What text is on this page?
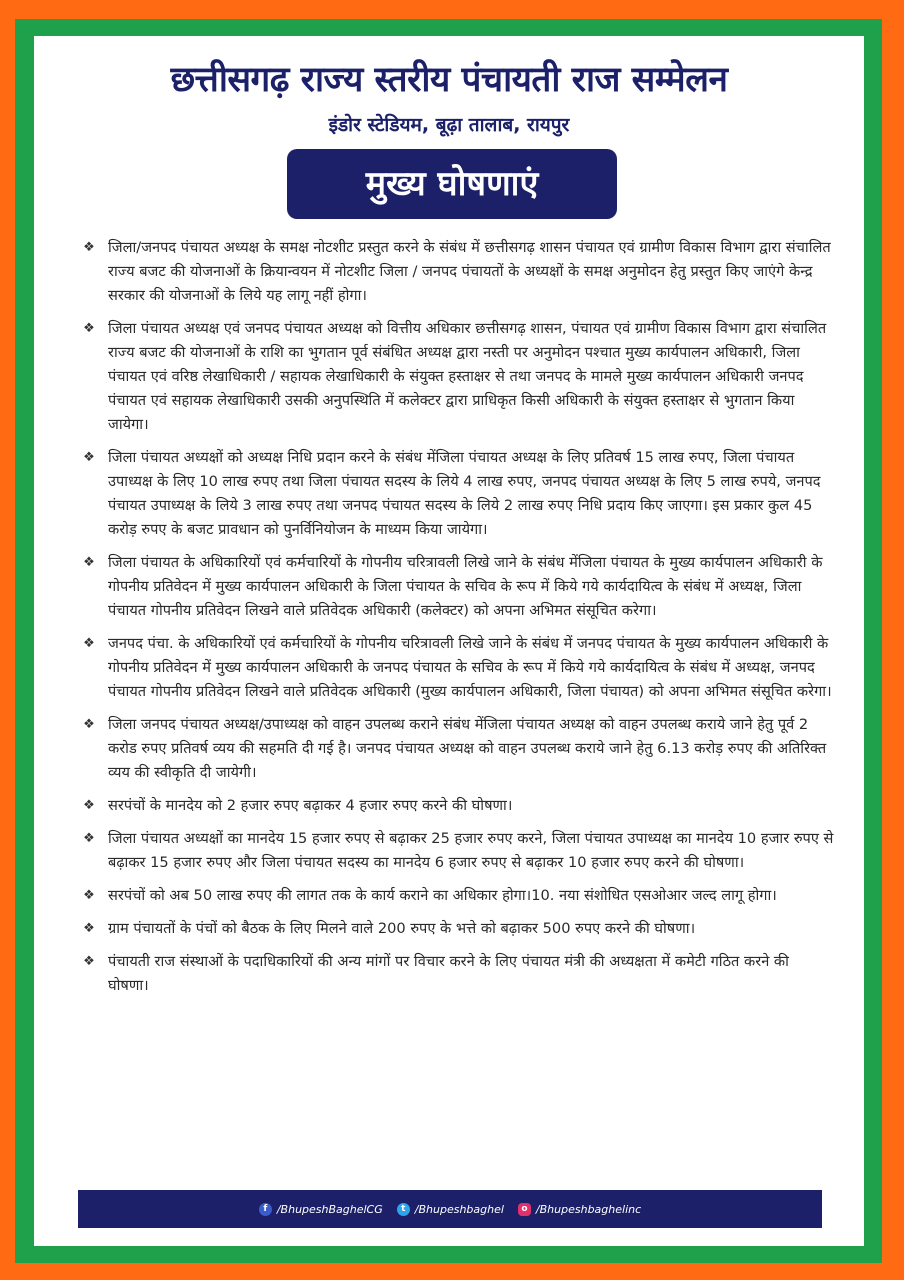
छत्तीसगढ़ राज्य स्तरीय पंचायती राज सम्मेलन
इंडोर स्टेडियम, बूढ़ा तालाब, रायपुर
मुख्य घोषणाएं
❖ जिला/जनपद पंचायत अध्यक्ष के समक्ष नोटशीट प्रस्तुत करने के संबंध में छत्तीसगढ़ शासन पंचायत एवं ग्रामीण विकास विभाग द्वारा संचालित राज्य बजट की योजनाओं के क्रियान्वयन में नोटशीट जिला / जनपद पंचायतों के अध्यक्षों के समक्ष अनुमोदन हेतु प्रस्तुत किए जाएंगे केन्द्र सरकार की योजनाओं के लिये यह लागू नहीं होगा।
❖ जिला पंचायत अध्यक्ष एवं जनपद पंचायत अध्यक्ष को वित्तीय अधिकार छत्तीसगढ़ शासन, पंचायत एवं ग्रामीण विकास विभाग द्वारा संचालित राज्य बजट की योजनाओं के राशि का भुगतान पूर्व संबंधित अध्यक्ष द्वारा नस्ती पर अनुमोदन पश्चात मुख्य कार्यपालन अधिकारी, जिला पंचायत एवं वरिष्ठ लेखाधिकारी / सहायक लेखाधिकारी के संयुक्त हस्ताक्षर से तथा जनपद के मामले मुख्य कार्यपालन अधिकारी जनपद पंचायत एवं सहायक लेखाधिकारी उसकी अनुपस्थिति में कलेक्टर द्वारा प्राधिकृत किसी अधिकारी के संयुक्त हस्ताक्षर से भुगतान किया जायेगा।
❖ जिला पंचायत अध्यक्षों को अध्यक्ष निधि प्रदान करने के संबंध मेंजिला पंचायत अध्यक्ष के लिए प्रतिवर्ष 15 लाख रुपए, जिला पंचायत उपाध्यक्ष के लिए 10 लाख रुपए तथा जिला पंचायत सदस्य के लिये 4 लाख रुपए, जनपद पंचायत अध्यक्ष के लिए 5 लाख रुपये, जनपद पंचायत उपाध्यक्ष के लिये 3 लाख रुपए तथा जनपद पंचायत सदस्य के लिये 2 लाख रुपए निधि प्रदाय किए जाएगा। इस प्रकार कुल 45 करोड़ रुपए के बजट प्रावधान को पुनर्विनियोजन के माध्यम किया जायेगा।
❖ जिला पंचायत के अधिकारियों एवं कर्मचारियों के गोपनीय चरित्रावली लिखे जाने के संबंध मेंजिला पंचायत के मुख्य कार्यपालन अधिकारी के गोपनीय प्रतिवेदन में मुख्य कार्यपालन अधिकारी के जिला पंचायत के सचिव के रूप में किये गये कार्यदायित्व के संबंध में अध्यक्ष, जिला पंचायत गोपनीय प्रतिवेदन लिखने वाले प्रतिवेदक अधिकारी (कलेक्टर) को अपना अभिमत संसूचित करेगा।
❖ जनपद पंचा. के अधिकारियों एवं कर्मचारियों के गोपनीय चरित्रावली लिखे जाने के संबंध में जनपद पंचायत के मुख्य कार्यपालन अधिकारी के गोपनीय प्रतिवेदन में मुख्य कार्यपालन अधिकारी के जनपद पंचायत के सचिव के रूप में किये गये कार्यदायित्व के संबंध में अध्यक्ष, जनपद पंचायत गोपनीय प्रतिवेदन लिखने वाले प्रतिवेदक अधिकारी (मुख्य कार्यपालन अधिकारी, जिला पंचायत) को अपना अभिमत संसूचित करेगा।
❖ जिला जनपद पंचायत अध्यक्ष/उपाध्यक्ष को वाहन उपलब्ध कराने संबंध मेंजिला पंचायत अध्यक्ष को वाहन उपलब्ध कराये जाने हेतु पूर्व 2 करोड रुपए प्रतिवर्ष व्यय की सहमति दी गई है। जनपद पंचायत अध्यक्ष को वाहन उपलब्ध कराये जाने हेतु 6.13 करोड़ रुपए की अतिरिक्त व्यय की स्वीकृति दी जायेगी।
❖ सरपंचों के मानदेय को 2 हजार रुपए बढ़ाकर 4 हजार रुपए करने की घोषणा।
❖ जिला पंचायत अध्यक्षों का मानदेय 15 हजार रुपए से बढ़ाकर 25 हजार रुपए करने, जिला पंचायत उपाध्यक्ष का मानदेय 10 हजार रुपए से बढ़ाकर 15 हजार रुपए और जिला पंचायत सदस्य का मानदेय 6 हजार रुपए से बढ़ाकर 10 हजार रुपए करने की घोषणा।
❖ सरपंचों को अब 50 लाख रुपए की लागत तक के कार्य कराने का अधिकार होगा।10. नया संशोधित एसओआर जल्द लागू होगा।
❖ ग्राम पंचायतों के पंचों को बैठक के लिए मिलने वाले 200 रुपए के भत्ते को बढ़ाकर 500 रुपए करने की घोषणा।
❖ पंचायती राज संस्थाओं के पदाधिकारियों की अन्य मांगों पर विचार करने के लिए पंचायत मंत्री की अध्यक्षता में कमेटी गठित करने की घोषणा।
f /BhupeshBaghelCG	t /Bhupeshbaghel	o /Bhupeshbaghelinc
